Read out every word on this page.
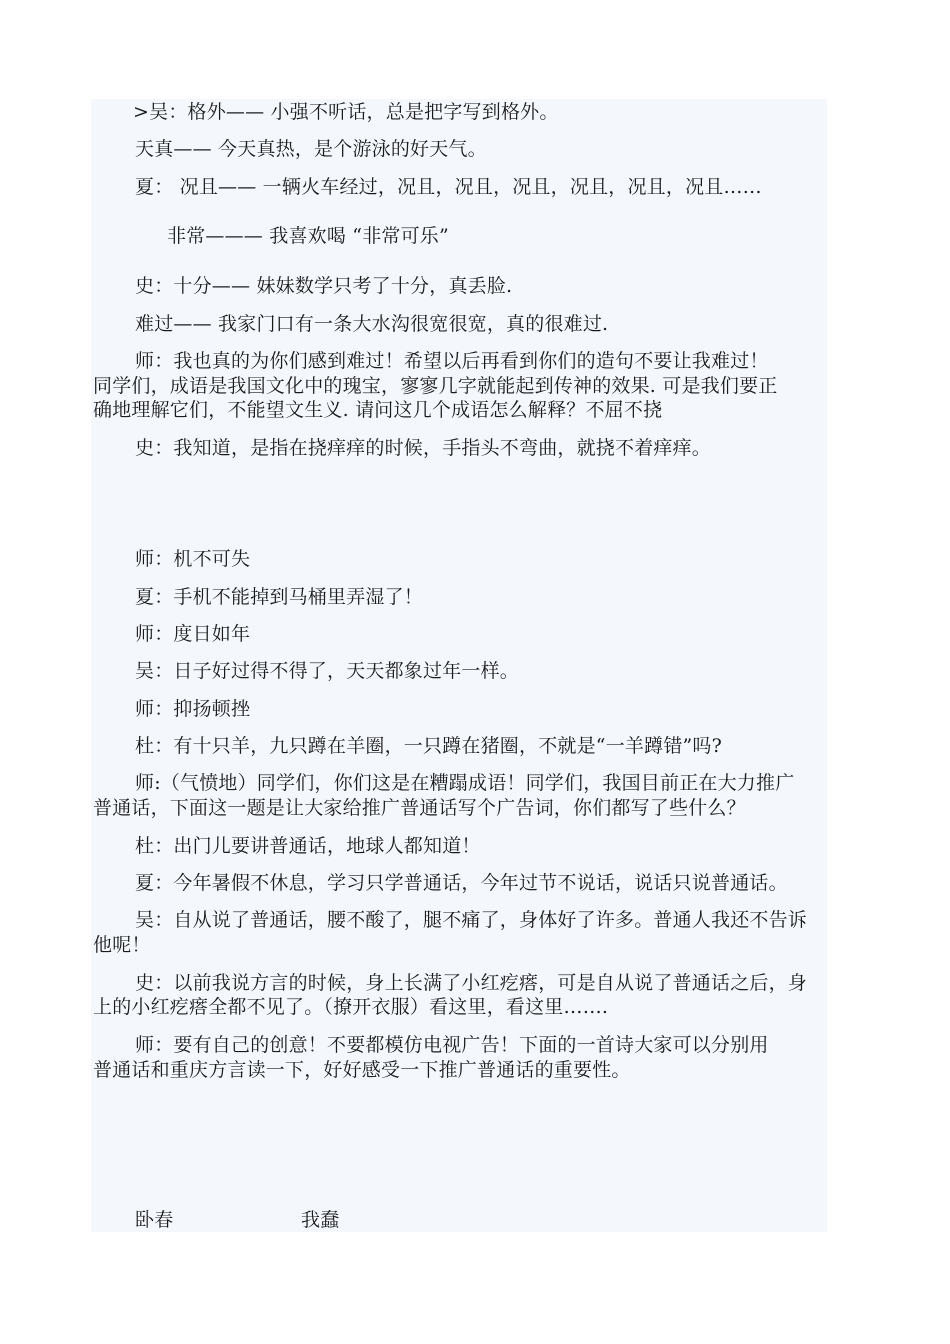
>吴：格外—— 小强不听话，总是把字写到格外。
天真—— 今天真热，是个游泳的好天气。
夏： 况且—— 一辆火车经过，况且，况且，况且，况且，况且，况且……
非常——— 我喜欢喝 “非常可乐”
史：十分—— 妹妹数学只考了十分，真丢脸.
难过—— 我家门口有一条大水沟很宽很宽，真的很难过.
师：我也真的为你们感到难过！希望以后再看到你们的造句不要让我难过！
同学们，成语是我国文化中的瑰宝，寥寥几字就能起到传神的效果. 可是我们要正
确地理解它们，不能望文生义. 请问这几个成语怎么解释？不屈不挠
史：我知道，是指在挠痒痒的时候，手指头不弯曲，就挠不着痒痒。
师：机不可失
夏：手机不能掉到马桶里弄湿了！
师：度日如年
吴：日子好过得不得了，天天都象过年一样。
师：抑扬顿挫
杜：有十只羊，九只蹲在羊圈，一只蹲在猪圈，不就是“一羊蹲错”吗?
师:（气愤地）同学们，你们这是在糟蹋成语！同学们，我国目前正在大力推广
普通话，下面这一题是让大家给推广普通话写个广告词，你们都写了些什么？
杜：出门儿要讲普通话，地球人都知道！
夏：今年暑假不休息，学习只学普通话，今年过节不说话，说话只说普通话。
吴：自从说了普通话，腰不酸了，腿不痛了，身体好了许多。普通人我还不告诉
他呢！
史：以前我说方言的时候，身上长满了小红疙瘩，可是自从说了普通话之后，身
上的小红疙瘩全都不见了。（撩开衣服）看这里，看这里…….
师：要有自己的创意！不要都模仿电视广告！下面的一首诗大家可以分别用
普通话和重庆方言读一下，好好感受一下推广普通话的重要性。
卧春	我蠢
